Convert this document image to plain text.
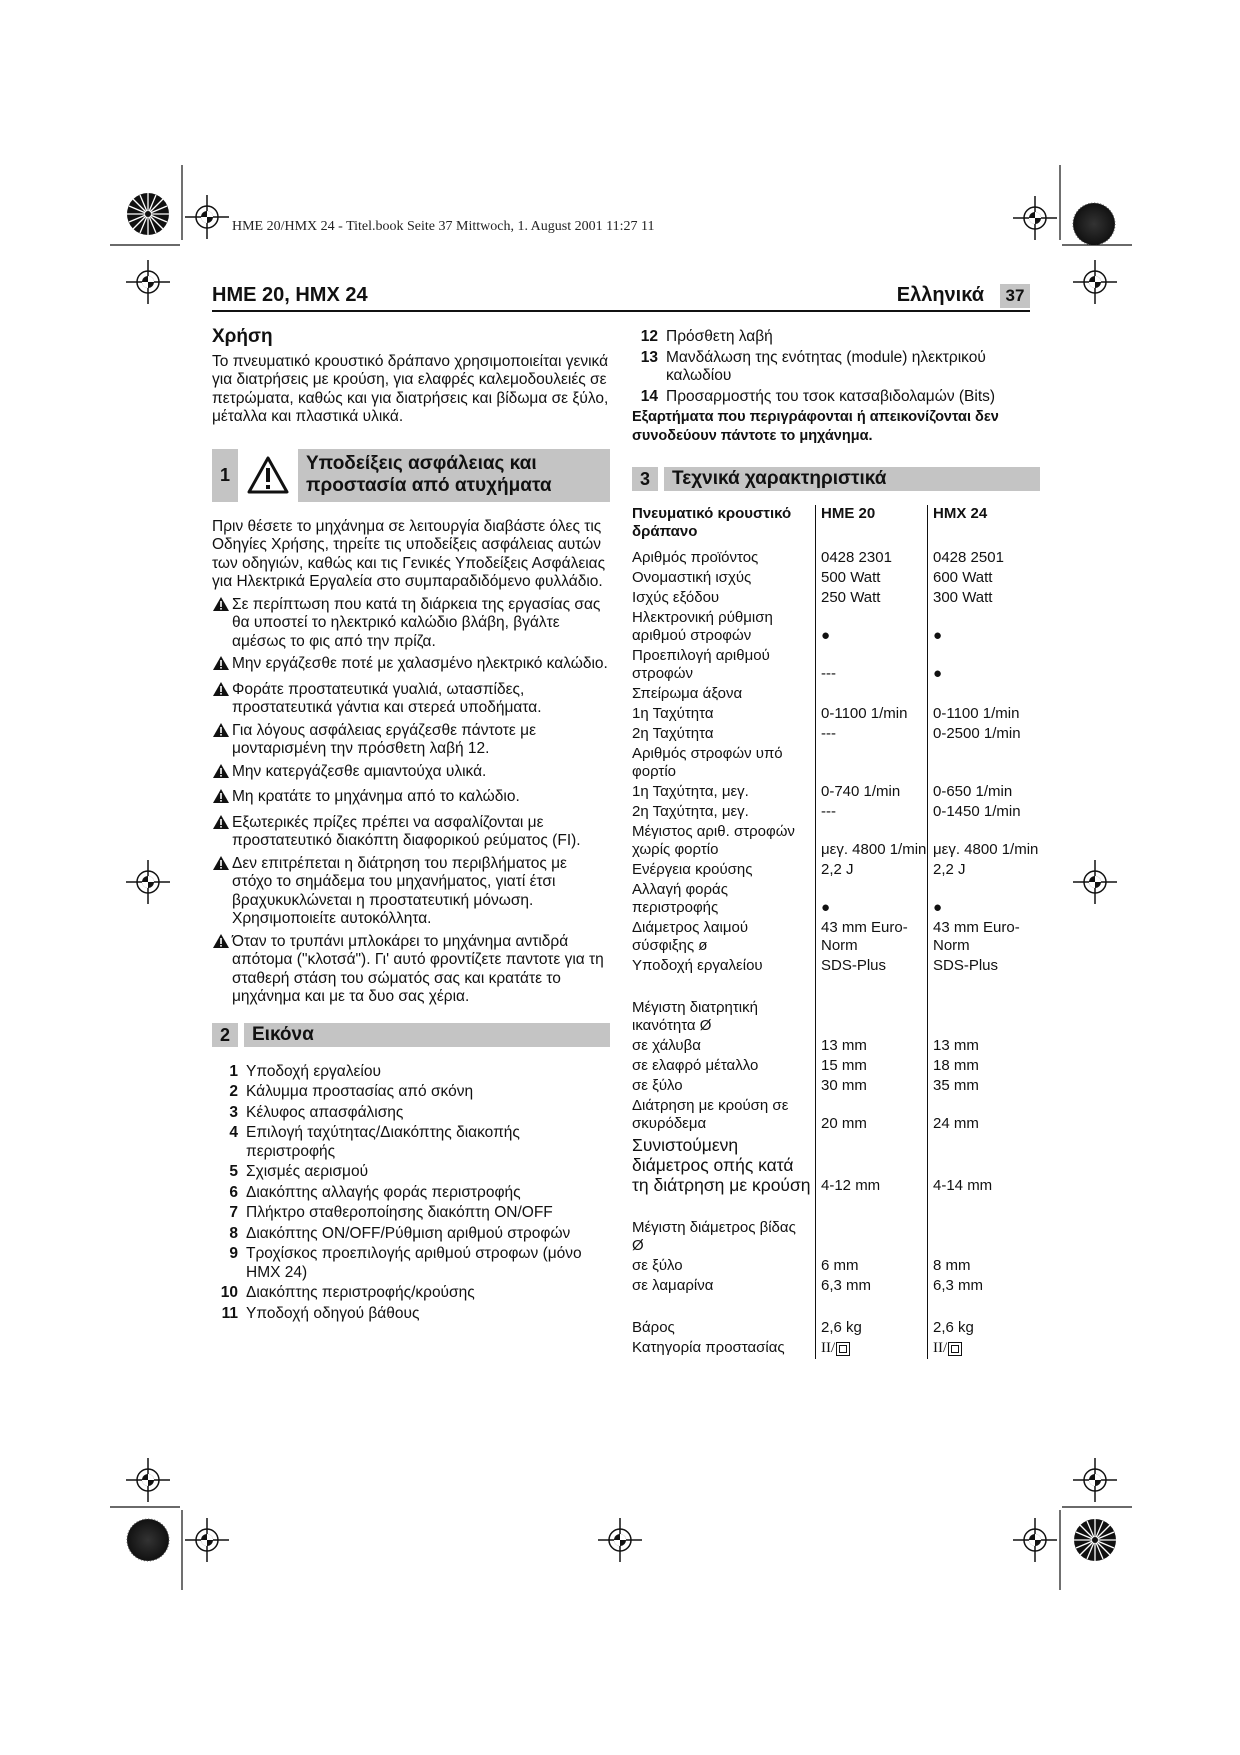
HME 20/HMX 24 - Titel.book Seite 37 Mittwoch, 1. August 2001 11:27 11
HME 20, HMX 24	Ελληνικά	37
Χρήση

Το πνευματικό κρουστικό δράπανο χρησιμοποιείται γενικά για διατρήσεις με κρούση, για ελαφρές καλεμοδουλειές σε πετρώματα, καθώς και για διατρήσεις και βίδωμα σε ξύλο, μέταλλα και πλαστικά υλικά.

1
Υποδείξεις ασφάλειας και
προστασία από ατυχήματα

Πριν θέσετε το μηχάνημα σε λειτουργία διαβάστε όλες τις Οδηγίες Χρήσης, τηρείτε τις υποδείξεις ασφάλειας αυτών των οδηγιών, καθώς και τις Γενικές Υποδείξεις Ασφάλειας για Ηλεκτρικά Εργαλεία στο συμπαραδιδόμενο φυλλάδιο.

Σε περίπτωση που κατά τη διάρκεια της εργασίας σας θα υποστεί το ηλεκτρικό καλώδιο βλάβη, βγάλτε αμέσως το φις από την πρίζα.
Μην εργάζεσθε ποτέ με χαλασμένο ηλεκτρικό καλώδιο.
Φοράτε προστατευτικά γυαλιά, ωτασπίδες, προστατευτικά γάντια και στερεά υποδήματα.
Για λόγους ασφάλειας εργάζεσθε πάντοτε με μονταρισμένη την πρόσθετη λαβή 12.
Μην κατεργάζεσθε αμιαντούχα υλικά.
Μη κρατάτε το μηχάνημα από το καλώδιο.
Εξωτερικές πρίζες πρέπει να ασφαλίζονται με προστατευτικό διακόπτη διαφορικού ρεύματος (FI).
Δεν επιτρέπεται η διάτρηση του περιβλήματος με στόχο το σημάδεμα του μηχανήματος, γιατί έτσι βραχυκυκλώνεται η προστατευτική μόνωση. Χρησιμοποιείτε αυτοκόλλητα.
Όταν το τρυπάνι μπλοκάρει το μηχάνημα αντιδρά απότομα ("κλοτσά"). Γι' αυτό φροντίζετε παντοτε για τη σταθερή στάση του σώματός σας και κρατάτε το μηχάνημα και με τα δυο σας χέρια.
2	Εικόνα
1 Υποδοχή εργαλείου
2 Κάλυμμα προστασίας από σκόνη
3 Κέλυφος απασφάλισης
4 Επιλογή ταχύτητας/Διακόπτης διακοπής περιστροφής
5 Σχισμές αερισμού
6 Διακόπτης αλλαγής φοράς περιστροφής
7 Πλήκτρο σταθεροποίησης διακόπτη ON/OFF
8 Διακόπτης ON/OFF/Ρύθμιση αριθμού στροφών
9 Τροχίσκος προεπιλογής αριθμού στροφων (μόνο HMX 24)
10 Διακόπτης περιστροφής/κρούσης
11 Υποδοχή οδηγού βάθους
12 Πρόσθετη λαβή
13 Μανδάλωση της ενότητας (module) ηλεκτρικού καλωδίου
14 Προσαρμοστής του τσοκ κατσαβιδολαμών (Bits)

Εξαρτήματα που περιγράφονται ή απεικονίζονται δεν συνοδεύουν πάντοτε το μηχάνημα.

3	Τεχνικά χαρακτηριστικά
Πνευματικό κρουστικό δράπανο	HME 20	HMX 24
Αριθμός προϊόντος	0428 2301	0428 2501
Ονομαστική ισχύς	500 Watt	600 Watt
Ισχύς εξόδου	250 Watt	300 Watt
Ηλεκτρονική ρύθμιση αριθμού στροφών	●	●
Προεπιλογή αριθμού στροφών	---	●
Σπείρωμα άξονα		
1η Ταχύτητα	0-1100 1/min	0-1100 1/min
2η Ταχύτητα	---	0-2500 1/min
Αριθμός στροφών υπό φορτίο		
1η Ταχύτητα, μεγ.	0-740 1/min	0-650 1/min
2η Ταχύτητα, μεγ.	---	0-1450 1/min
Μέγιστος αριθ. στροφών χωρίς φορτίο	μεγ. 4800 1/min	μεγ. 4800 1/min
Ενέργεια κρούσης	2,2 J	2,2 J
Αλλαγή φοράς περιστροφής	●	●
Διάμετρος λαιμού σύσφιξης ø	43 mm Euro-Norm	43 mm Euro-Norm
Υποδοχή εργαλείου	SDS-Plus	SDS-Plus

Μέγιστη διατρητική ικανότητα Ø		
σε χάλυβα	13 mm	13 mm
σε ελαφρό μέταλλο	15 mm	18 mm
σε ξύλο	30 mm	35 mm
Διάτρηση με κρούση σε σκυρόδεμα	20 mm	24 mm
Συνιστούμενη διάμετρος οπής κατά τη διάτρηση με κρούση	4-12 mm	4-14 mm

Μέγιστη διάμετρος βίδας Ø		
σε ξύλο	6 mm	8 mm
σε λαμαρίνα	6,3 mm	6,3 mm

Βάρος	2,6 kg	2,6 kg
Κατηγορία προστασίας	II/	II/
